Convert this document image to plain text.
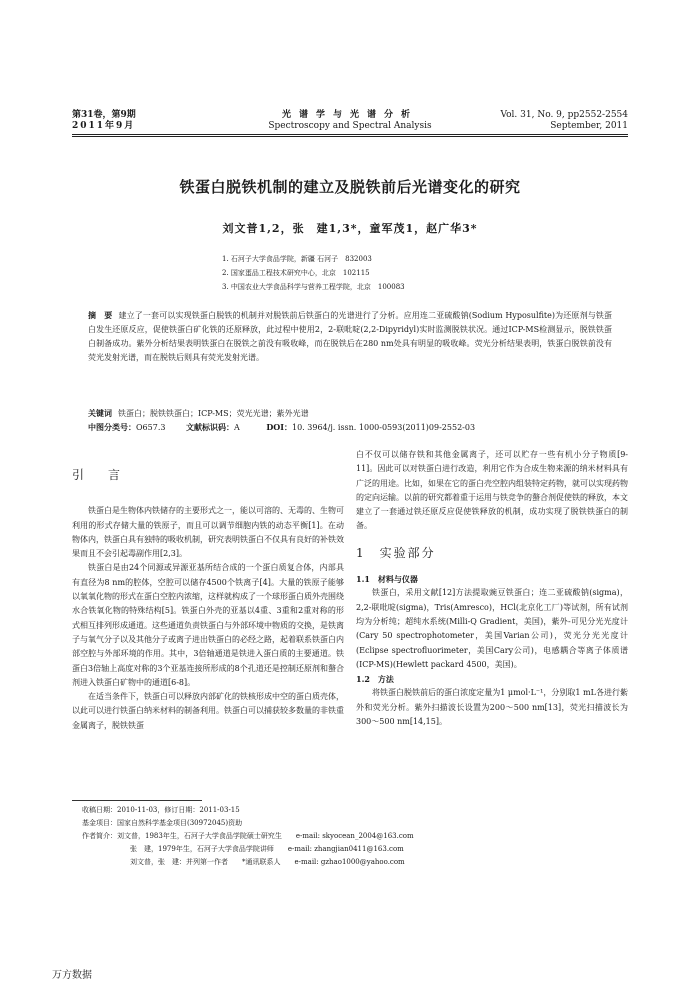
第31卷，第9期
2011年9月
光谱学与光谱分析
Spectroscopy and Spectral Analysis
Vol. 31, No. 9, pp2552-2554
September, 2011
铁蛋白脱铁机制的建立及脱铁前后光谱变化的研究
刘文普1,2，张　建1,3*，童军茂1，赵广华3*
1. 石河子大学食品学院，新疆 石河子　832003
2. 国家蛋品工程技术研究中心，北京　102115
3. 中国农业大学食品科学与营养工程学院，北京　100083
摘　要 建立了一套可以实现铁蛋白脱铁的机制并对脱铁前后铁蛋白的光谱进行了分析。应用连二亚硫酸钠(Sodium Hyposulfite)为还原剂与铁蛋白发生还原反应，促使铁蛋白矿化铁的还原释放，此过程中使用2，2-联吡啶(2,2-Dipyridyl)实时监测脱铁状况。通过ICP-MS检测显示，脱铁铁蛋白制备成功。紫外分析结果表明铁蛋白在脱铁之前没有吸收峰，而在脱铁后在280 nm处具有明显的吸收峰。荧光分析结果表明，铁蛋白脱铁前没有荧光发射光谱，而在脱铁后则具有荧光发射光谱。
关键词 铁蛋白；脱铁铁蛋白；ICP-MS；荧光光谱；紫外光谱
中图分类号：O657.3	文献标识码：A	DOI：10. 3964/j. issn. 1000-0593(2011)09-2552-03
引　言

铁蛋白是生物体内铁储存的主要形式之一，能以可溶的、无毒的、生物可利用的形式存储大量的铁原子，而且可以调节细胞内铁的动态平衡[1]。在动物体内，铁蛋白具有独特的吸收机制，研究表明铁蛋白不仅具有良好的补铁效果而且不会引起毒副作用[2,3]。

铁蛋白是由24个同源或异源亚基所结合成的一个蛋白质复合体，内部具有直径为8 nm的腔体，空腔可以储存4500个铁离子[4]。大量的铁原子能够以氧氧化物的形式在蛋白空腔内浓缩，这样就构成了一个球形蛋白质外壳围绕水合铁氧化物的特殊结构[5]。铁蛋白外壳的亚基以4重、3重和2重对称的形式相互排列形成通道。这些通道负责铁蛋白与外部环境中物质的交换，是铁离子与氧气分子以及其他分子或离子进出铁蛋白的必经之路，起着联系铁蛋白内部空腔与外部环境的作用。其中，3倍轴通道是铁进入蛋白质的主要通道。铁蛋白3倍轴上高度对称的3个亚基连接所形成的8个孔道还是控制还原剂和螯合剂进入铁蛋白矿物中的通道[6-8]。

在适当条件下，铁蛋白可以释放内部矿化的铁核形成中空的蛋白质壳体，以此可以进行铁蛋白纳米材料的制备利用。铁蛋白可以捕获较多数量的非铁重金属离子，脱铁铁蛋

白不仅可以储存铁和其他金属离子，还可以贮存一些有机小分子物质[9-11]。因此可以对铁蛋白进行改造，利用它作为合成生物来源的纳米材料具有广泛的用途。比如，如果在它的蛋白壳空腔内组装特定药物，就可以实现药物的定向运输。以前的研究都着重于运用与铁竞争的螯合剂促使铁的释放，本文建立了一套通过铁还原反应促使铁释放的机制，成功实现了脱铁铁蛋白的制备。

1　实验部分
1.1　材料与仪器

铁蛋白，采用文献[12]方法提取豌豆铁蛋白；连二亚硫酸钠(sigma)，2,2-联吡啶(sigma)，Tris(Amresco)，HCl(北京化工厂)等试剂，所有试剂均为分析纯；超纯水系统(Milli-Q Gradient，美国)，紫外-可见分光光度计(Cary 50 spectrophotometer，美国Varian公司)，荧光分光光度计(Eclipse spectrofluorimeter，美国Cary公司)，电感耦合等离子体质谱(ICP-MS)(Hewlett packard 4500，美国)。

1.2　方法

将铁蛋白脱铁前后的蛋白浓度定量为1 μmol·L⁻¹，分别取1 mL各进行紫外和荧光分析。紫外扫描波长设置为200～500 nm[13]，荧光扫描波长为300～500 nm[14,15]。

收稿日期：2010-11-03，修订日期：2011-03-15
基金项目：国家自然科学基金项目(30972045)资助
作者简介：刘文普，1983年生，石河子大学食品学院硕士研究生　　e-mail: skyocean_2004@163.com
张　建，1979年生，石河子大学食品学院讲师　　e-mail: zhangjian0411@163.com
刘文普，张　建：并列第一作者　　*通讯联系人　　e-mail: gzhao1000@yahoo.com
万方数据
